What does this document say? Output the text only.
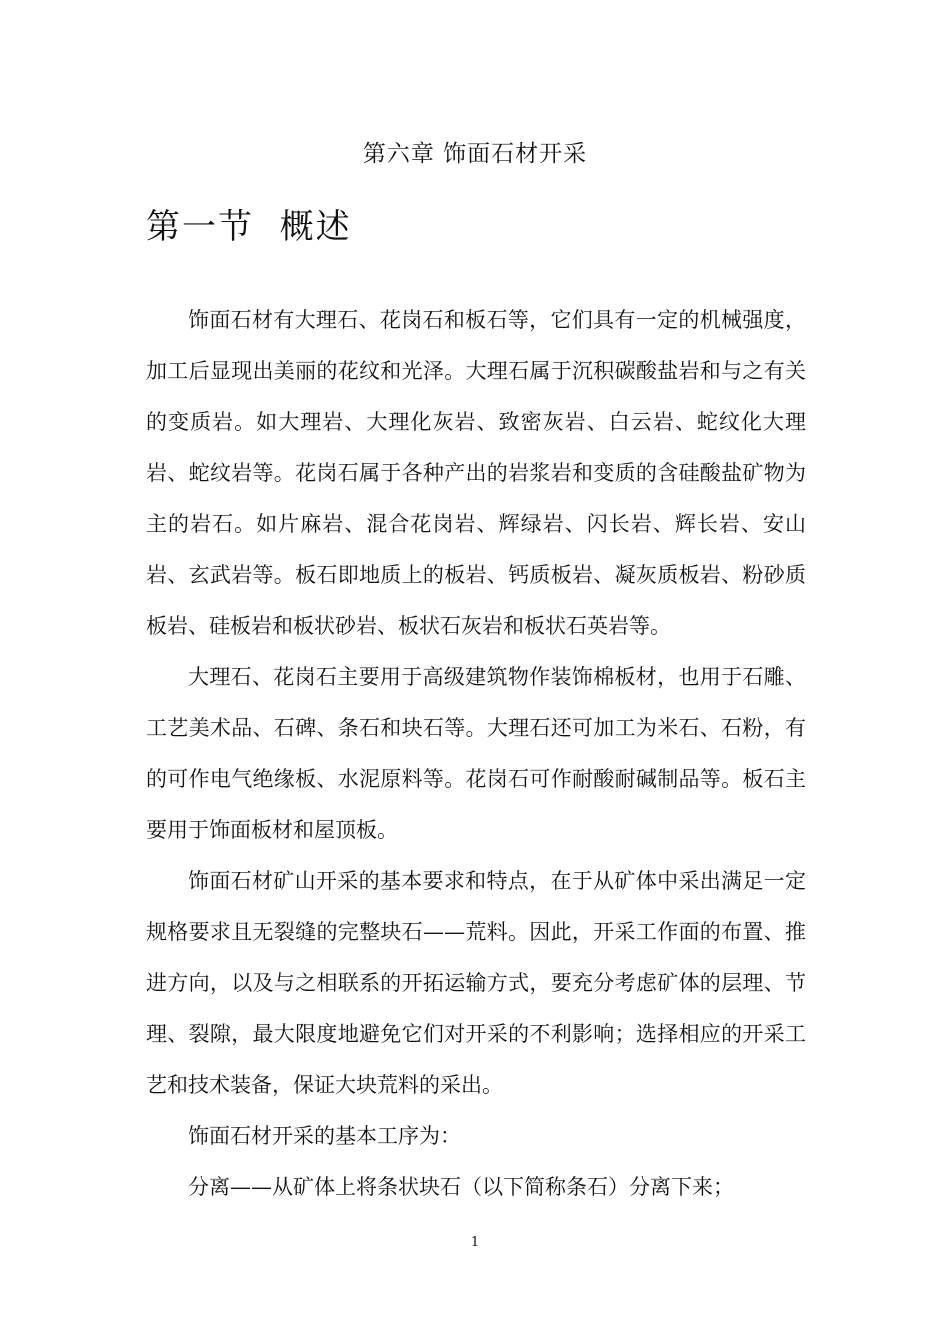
第六章 饰面石材开采
第一节  概述

饰面石材有大理石、花岗石和板石等，它们具有一定的机械强度，加工后显现出美丽的花纹和光泽。大理石属于沉积碳酸盐岩和与之有关的变质岩。如大理岩、大理化灰岩、致密灰岩、白云岩、蛇纹化大理岩、蛇纹岩等。花岗石属于各种产出的岩浆岩和变质的含硅酸盐矿物为主的岩石。如片麻岩、混合花岗岩、辉绿岩、闪长岩、辉长岩、安山岩、玄武岩等。板石即地质上的板岩、钙质板岩、凝灰质板岩、粉砂质板岩、硅板岩和板状砂岩、板状石灰岩和板状石英岩等。

大理石、花岗石主要用于高级建筑物作装饰棉板材，也用于石雕、工艺美术品、石碑、条石和块石等。大理石还可加工为米石、石粉，有的可作电气绝缘板、水泥原料等。花岗石可作耐酸耐碱制品等。板石主要用于饰面板材和屋顶板。

饰面石材矿山开采的基本要求和特点，在于从矿体中采出满足一定规格要求且无裂缝的完整块石——荒料。因此，开采工作面的布置、推进方向，以及与之相联系的开拓运输方式，要充分考虑矿体的层理、节理、裂隙，最大限度地避免它们对开采的不利影响；选择相应的开采工艺和技术装备，保证大块荒料的采出。

饰面石材开采的基本工序为：

分离——从矿体上将条状块石（以下简称条石）分离下来；

1
